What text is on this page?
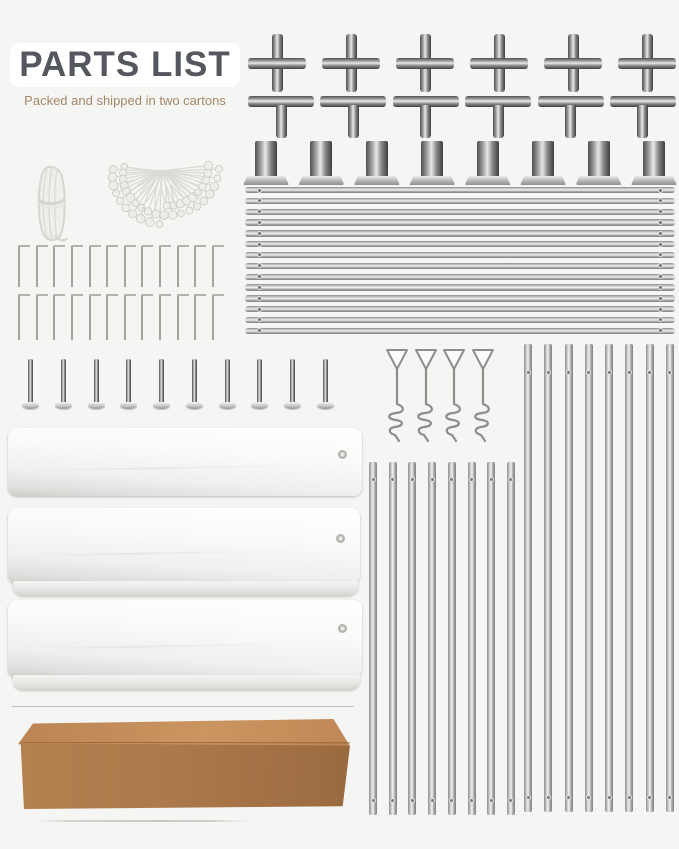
PARTS LIST
Packed and shipped in two cartons
